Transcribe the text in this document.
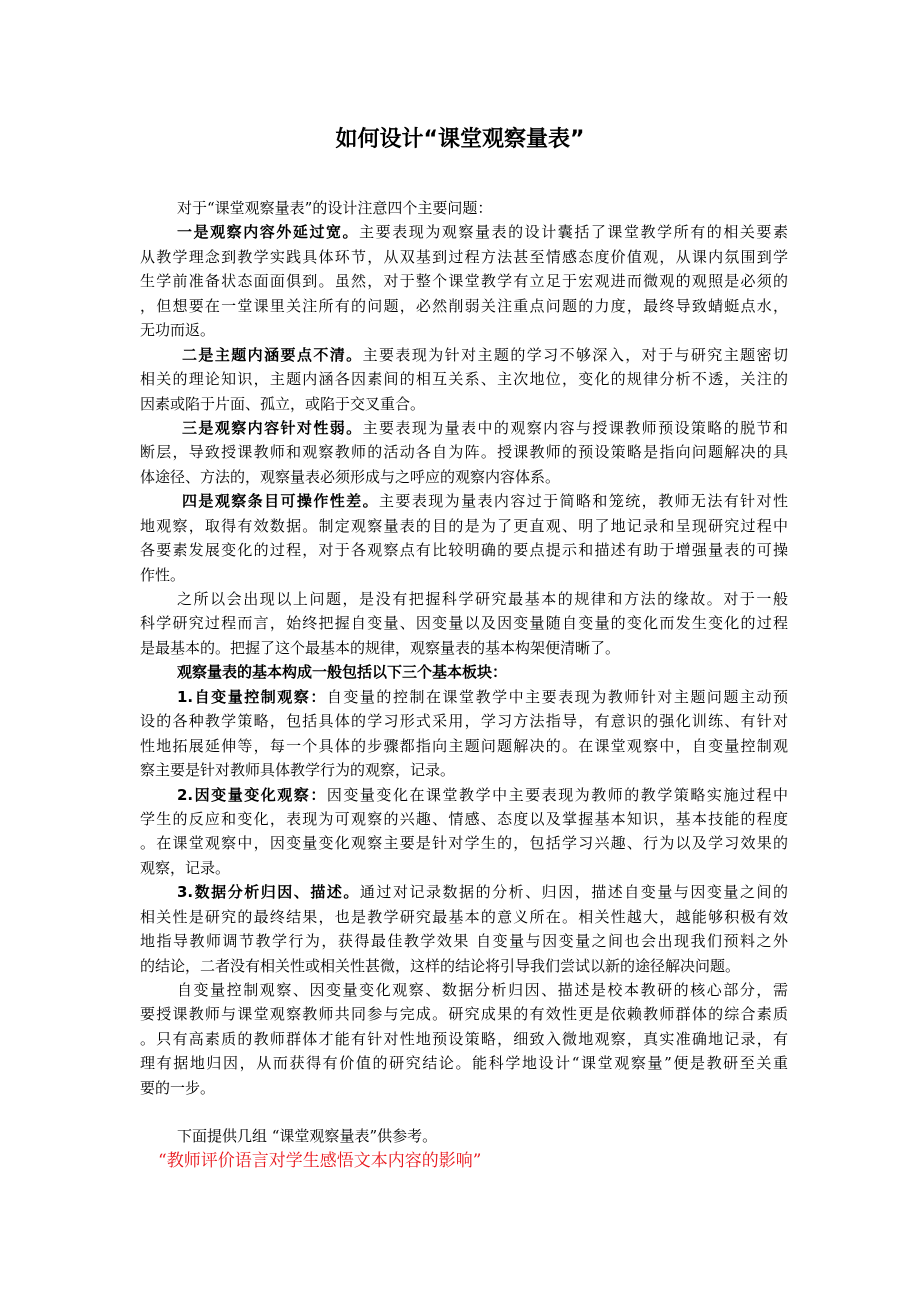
如何设计“课堂观察量表”
对于“课堂观察量表”的设计注意四个主要问题：
一是观察内容外延过宽。主要表现为观察量表的设计囊括了课堂教学所有的相关要素
从教学理念到教学实践具体环节，从双基到过程方法甚至情感态度价值观，从课内氛围到学
生学前准备状态面面俱到。虽然，对于整个课堂教学有立足于宏观进而微观的观照是必须的
，但想要在一堂课里关注所有的问题，必然削弱关注重点问题的力度，最终导致蜻蜓点水，
无功而返。
二是主题内涵要点不清。主要表现为针对主题的学习不够深入，对于与研究主题密切
相关的理论知识，主题内涵各因素间的相互关系、主次地位，变化的规律分析不透，关注的
因素或陷于片面、孤立，或陷于交叉重合。
三是观察内容针对性弱。主要表现为量表中的观察内容与授课教师预设策略的脱节和
断层，导致授课教师和观察教师的活动各自为阵。授课教师的预设策略是指向问题解决的具
体途径、方法的，观察量表必须形成与之呼应的观察内容体系。
四是观察条目可操作性差。主要表现为量表内容过于简略和笼统，教师无法有针对性
地观察，取得有效数据。制定观察量表的目的是为了更直观、明了地记录和呈现研究过程中
各要素发展变化的过程，对于各观察点有比较明确的要点提示和描述有助于增强量表的可操
作性。
之所以会出现以上问题，是没有把握科学研究最基本的规律和方法的缘故。对于一般
科学研究过程而言，始终把握自变量、因变量以及因变量随自变量的变化而发生变化的过程
是最基本的。把握了这个最基本的规律，观察量表的基本构架便清晰了。
观察量表的基本构成一般包括以下三个基本板块：
1.自变量控制观察：自变量的控制在课堂教学中主要表现为教师针对主题问题主动预
设的各种教学策略，包括具体的学习形式采用，学习方法指导，有意识的强化训练、有针对
性地拓展延伸等，每一个具体的步骤都指向主题问题解决的。在课堂观察中，自变量控制观
察主要是针对教师具体教学行为的观察，记录。
2.因变量变化观察：因变量变化在课堂教学中主要表现为教师的教学策略实施过程中
学生的反应和变化，表现为可观察的兴趣、情感、态度以及掌握基本知识，基本技能的程度
。在课堂观察中，因变量变化观察主要是针对学生的，包括学习兴趣、行为以及学习效果的
观察，记录。
3.数据分析归因、描述。通过对记录数据的分析、归因，描述自变量与因变量之间的
相关性是研究的最终结果，也是教学研究最基本的意义所在。相关性越大，越能够积极有效
地指导教师调节教学行为，获得最佳教学效果 自变量与因变量之间也会出现我们预料之外
的结论，二者没有相关性或相关性甚微，这样的结论将引导我们尝试以新的途径解决问题。
自变量控制观察、因变量变化观察、数据分析归因、描述是校本教研的核心部分，需
要授课教师与课堂观察教师共同参与完成。研究成果的有效性更是依赖教师群体的综合素质
。只有高素质的教师群体才能有针对性地预设策略，细致入微地观察，真实准确地记录，有
理有据地归因，从而获得有价值的研究结论。能科学地设计“课堂观察量”便是教研至关重
要的一步。
下面提供几组 “课堂观察量表”供参考。
“教师评价语言对学生感悟文本内容的影响”
